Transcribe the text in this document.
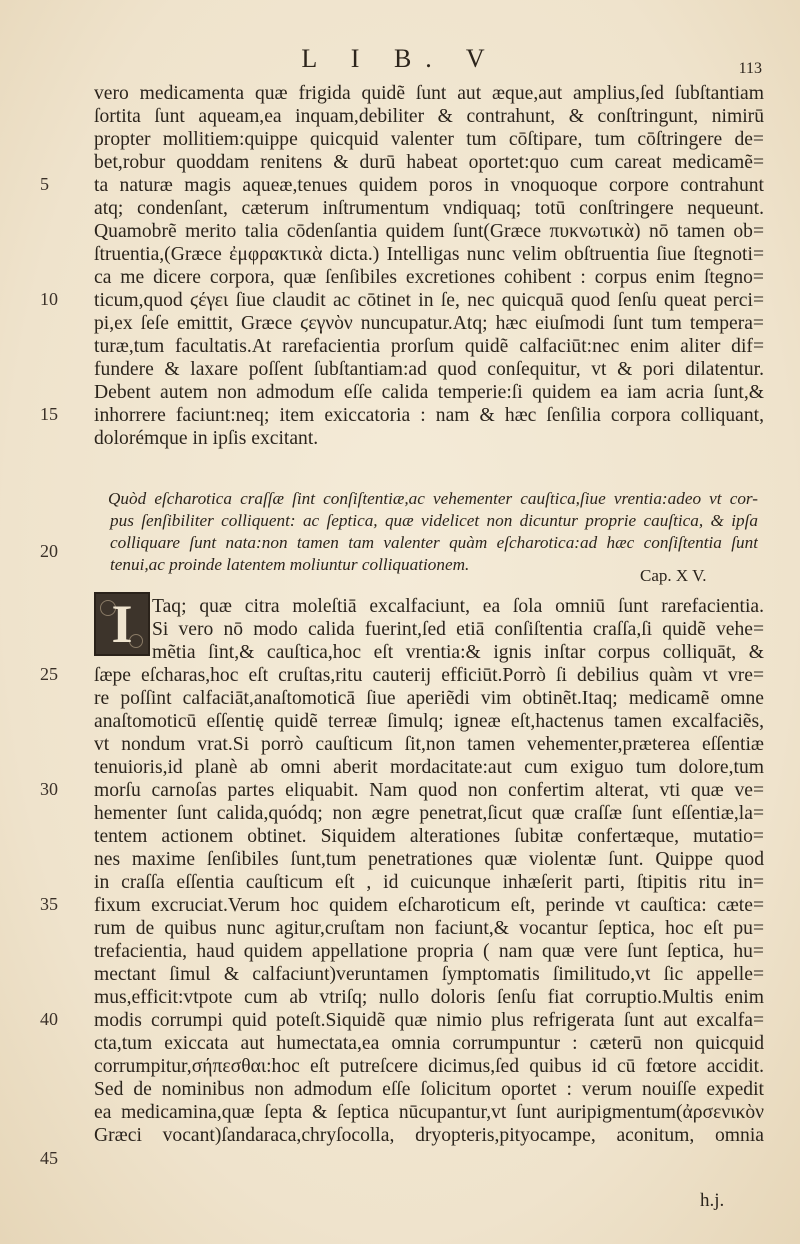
L I B. V	113
vero medicamenta quæ frigida quidẽ ſunt aut æque,aut amplius,ſed ſubſtantiam
ſortita ſunt aqueam,ea inquam,debiliter & contrahunt, & conſtringunt, nimirū
propter mollitiem:quippe quicquid valenter tum cōſtipare, tum cōſtringere de=
bet,robur quoddam renitens & durū habeat oportet:quo cum careat medicamẽ=
ta naturæ magis aqueæ,tenues quidem poros in vnoquoque corpore contrahunt
atq; condenſant, cæterum inſtrumentum vndiquaq; totū conſtringere nequeunt.
Quamobrẽ merito talia cōdenſantia quidem ſunt(Græce πυκνωτικὰ) nō tamen ob=
ſtruentia,(Græce ἐμφρακτικὰ dicta.) Intelligas nunc velim obſtruentia ſiue ſtegnoti=
ca me dicere corpora, quæ ſenſibiles excretiones cohibent : corpus enim ſtegno=
ticum,quod ϛέγει ſiue claudit ac cōtinet in ſe, nec quicquā quod ſenſu queat perci=
pi,ex ſeſe emittit, Græce ϛεγνὸν nuncupatur.Atq; hæc eiuſmodi ſunt tum tempera=
turæ,tum facultatis.At rarefacientia prorſum quidẽ calfaciūt:nec enim aliter dif=
fundere & laxare poſſent ſubſtantiam:ad quod conſequitur, vt & pori dilatentur.
Debent autem non admodum eſſe calida temperie:ſi quidem ea iam acria ſunt,&
inhorrere faciunt:neq; item exiccatoria : nam & hæc ſenſilia corpora colliquant,
dolorémque in ipſis excitant.
5
10
15
20
25
30
35
40
45
Quòd eſcharotica craſſæ ſint conſiſtentiæ,ac vehementer cauſtica,ſiue vrentia:adeo vt cor-
pus ſenſibiliter colliquent: ac ſeptica, quæ videlicet non dicuntur proprie cauſtica, & ipſa
colliquare ſunt nata:non tamen tam valenter quàm eſcharotica:ad hæc conſiſtentia ſunt
tenui,ac proinde latentem moliuntur colliquationem.
Cap. X V.
I Taq; quæ citra moleſtiā excalfaciunt, ea ſola omniū ſunt rarefacientia.
Si vero nō modo calida fuerint,ſed etiā conſiſtentia craſſa,ſi quidẽ vehe=
mẽtia ſint,& cauſtica,hoc eſt vrentia:& ignis inſtar corpus colliquāt, &
ſæpe eſcharas,hoc eſt cruſtas,ritu cauterij efficiūt.Porrò ſi debilius quàm vt vre=
re poſſint calfaciāt,anaſtomoticā ſiue aperiẽdi vim obtinẽt.Itaq; medicamẽ omne
anaſtomoticū eſſentię quidẽ terreæ ſimulq; igneæ eſt,hactenus tamen excalfaciẽs,
vt nondum vrat.Si porrò cauſticum ſit,non tamen vehementer,præterea eſſentiæ
tenuioris,id planè ab omni aberit mordacitate:aut cum exiguo tum dolore,tum
morſu carnoſas partes eliquabit. Nam quod non confertim alterat, vti quæ ve=
hementer ſunt calida,quódq; non ægre penetrat,ſicut quæ craſſæ ſunt eſſentiæ,la=
tentem actionem obtinet. Siquidem alterationes ſubitæ confertæque, mutatio=
nes maxime ſenſibiles ſunt,tum penetrationes quæ violentæ ſunt. Quippe quod
in craſſa eſſentia cauſticum eſt , id cuicunque inhæſerit parti, ſtipitis ritu in=
fixum excruciat.Verum hoc quidem eſcharoticum eſt, perinde vt cauſtica: cæte=
rum de quibus nunc agitur,cruſtam non faciunt,& vocantur ſeptica, hoc eſt pu=
trefacientia, haud quidem appellatione propria ( nam quæ vere ſunt ſeptica, hu=
mectant ſimul & calfaciunt)veruntamen ſymptomatis ſimilitudo,vt ſic appelle=
mus,efficit:vtpote cum ab vtriſq; nullo doloris ſenſu fiat corruptio.Multis enim
modis corrumpi quid poteſt.Siquidẽ quæ nimio plus refrigerata ſunt aut excalfa=
cta,tum exiccata aut humectata,ea omnia corrumpuntur : cæterū non quicquid
corrumpitur,σήπεσθαι:hoc eſt putreſcere dicimus,ſed quibus id cū fœtore accidit.
Sed de nominibus non admodum eſſe ſolicitum oportet : verum nouiſſe expedit
ea medicamina,quæ ſepta & ſeptica nūcupantur,vt ſunt auripigmentum(ἀρσενικὸν
Græci vocant)ſandaraca,chryſocolla, dryopteris,pityocampe, aconitum, omnia
h.j.
